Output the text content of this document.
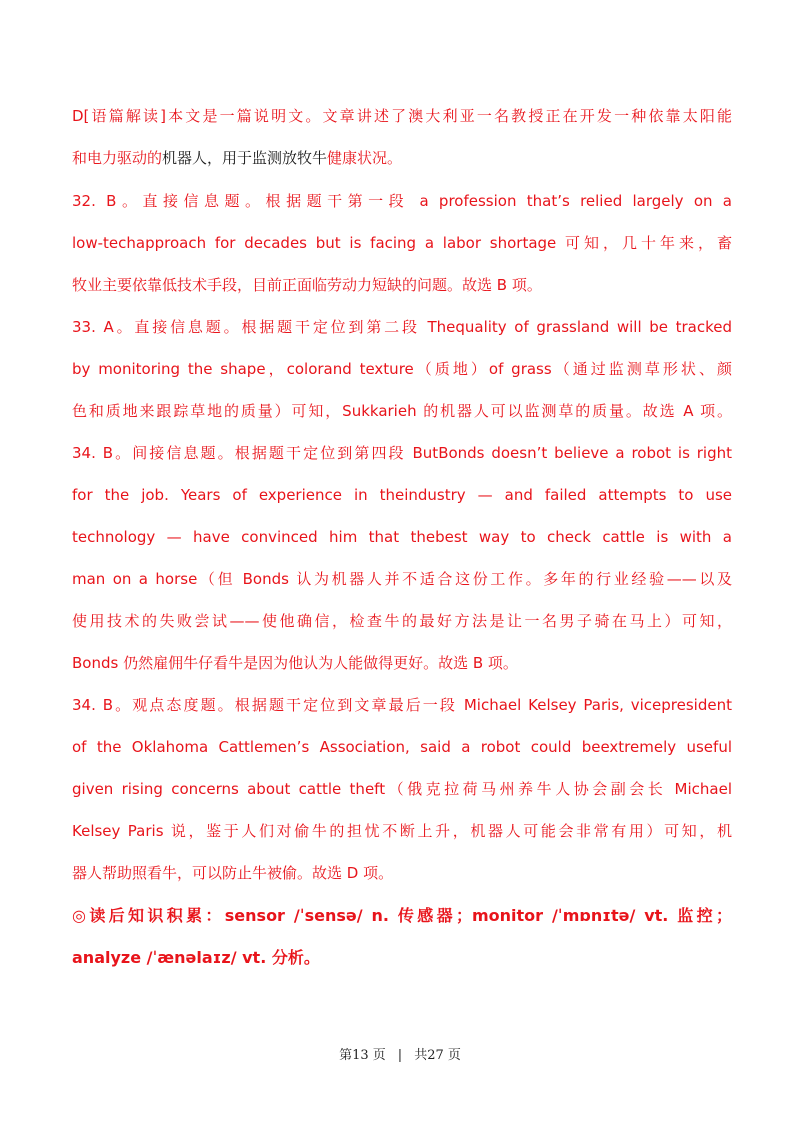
D[语篇解读]本文是一篇说明文。文章讲述了澳大利亚一名教授正在开发一种依靠太阳能
和电力驱动的机器人，用于监测放牧牛健康状况。
32. B。直接信息题。根据题干第一段 a profession that’s relied largely on a
low-techapproach for decades but is facing a labor shortage 可知，几十年来，畜
牧业主要依靠低技术手段，目前正面临劳动力短缺的问题。故选 B 项。
33. A。直接信息题。根据题干定位到第二段 Thequality of grassland will be tracked
by monitoring the shape，colorand texture（质地）of grass（通过监测草形状、颜
色和质地来跟踪草地的质量）可知，Sukkarieh 的机器人可以监测草的质量。故选 A 项。
34. B。间接信息题。根据题干定位到第四段 ButBonds doesn’t believe a robot is right
for the job. Years of experience in theindustry — and failed attempts to use
technology — have convinced him that thebest way to check cattle is with a
man on a horse（但 Bonds 认为机器人并不适合这份工作。多年的行业经验——以及
使用技术的失败尝试——使他确信，检查牛的最好方法是让一名男子骑在马上）可知，
Bonds 仍然雇佣牛仔看牛是因为他认为人能做得更好。故选 B 项。
34. B。观点态度题。根据题干定位到文章最后一段 Michael Kelsey Paris, vicepresident
of the Oklahoma Cattlemen’s Association, said a robot could beextremely useful
given rising concerns about cattle theft（俄克拉荷马州养牛人协会副会长 Michael
Kelsey Paris 说，鉴于人们对偷牛的担忧不断上升，机器人可能会非常有用）可知，机
器人帮助照看牛，可以防止牛被偷。故选 D 项。
◎读后知识积累：sensor /ˈsensə/ n. 传感器；monitor /ˈmɒnɪtə/ vt. 监控；
analyze /ˈænəlaɪz/ vt. 分析。
第13 页 | 共27 页
